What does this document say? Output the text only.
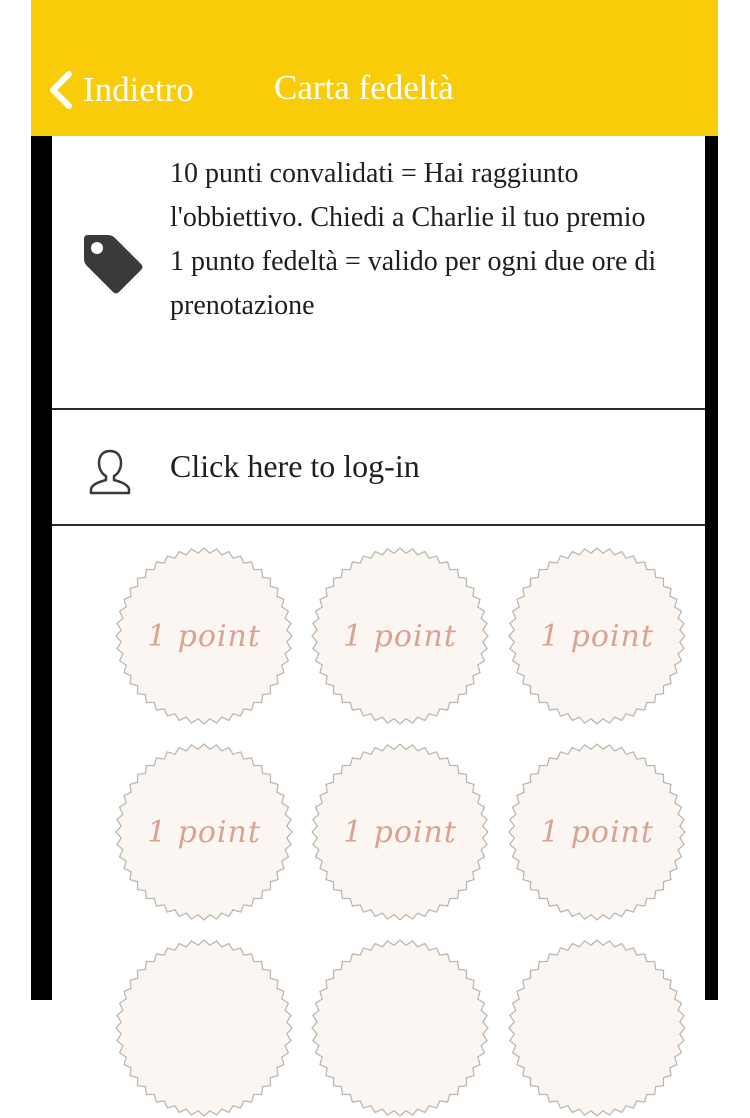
Indietro Carta fedeltà

10 punti convalidati = Hai raggiunto l'obbiettivo. Chiedi a Charlie il tuo premio

1 punto fedeltà = valido per ogni due ore di prenotazione

Click here to log-in
1 point	1 point	1 point
1 point	1 point	1 point
